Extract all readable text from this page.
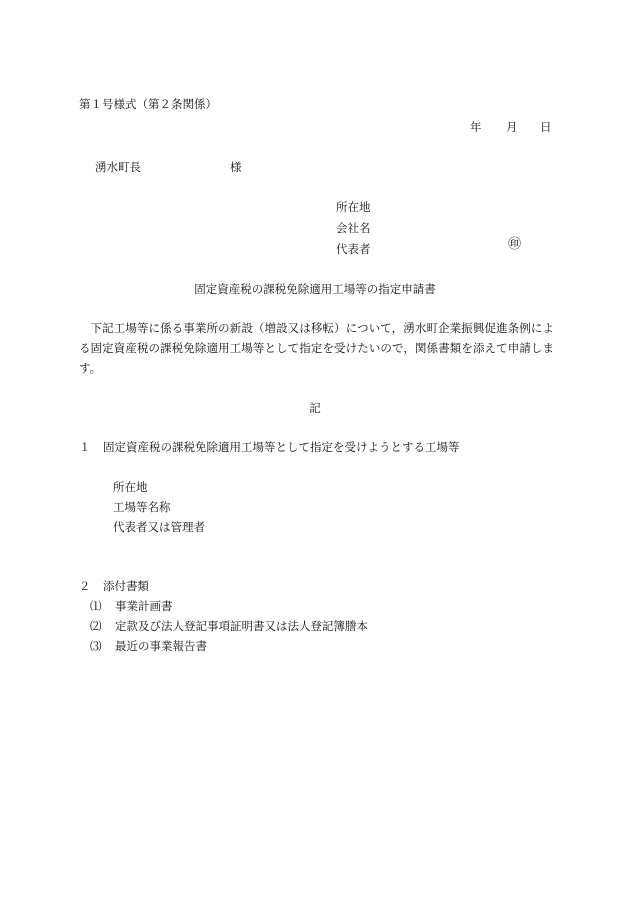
第１号様式（第２条関係）
年 月 日
湧水町長	様
所在地
会社名
代表者	㊞
固定資産税の課税免除適用工場等の指定申請書
下記工場等に係る事業所の新設（増設又は移転）について，湧水町企業振興促進条例による固定資産税の課税免除適用工場等として指定を受けたいので，関係書類を添えて申請します。
記
１ 固定資産税の課税免除適用工場等として指定を受けようとする工場等
所在地
工場等名称
代表者又は管理者
２ 添付書類
⑴ 事業計画書
⑵ 定款及び法人登記事項証明書又は法人登記簿謄本
⑶ 最近の事業報告書
